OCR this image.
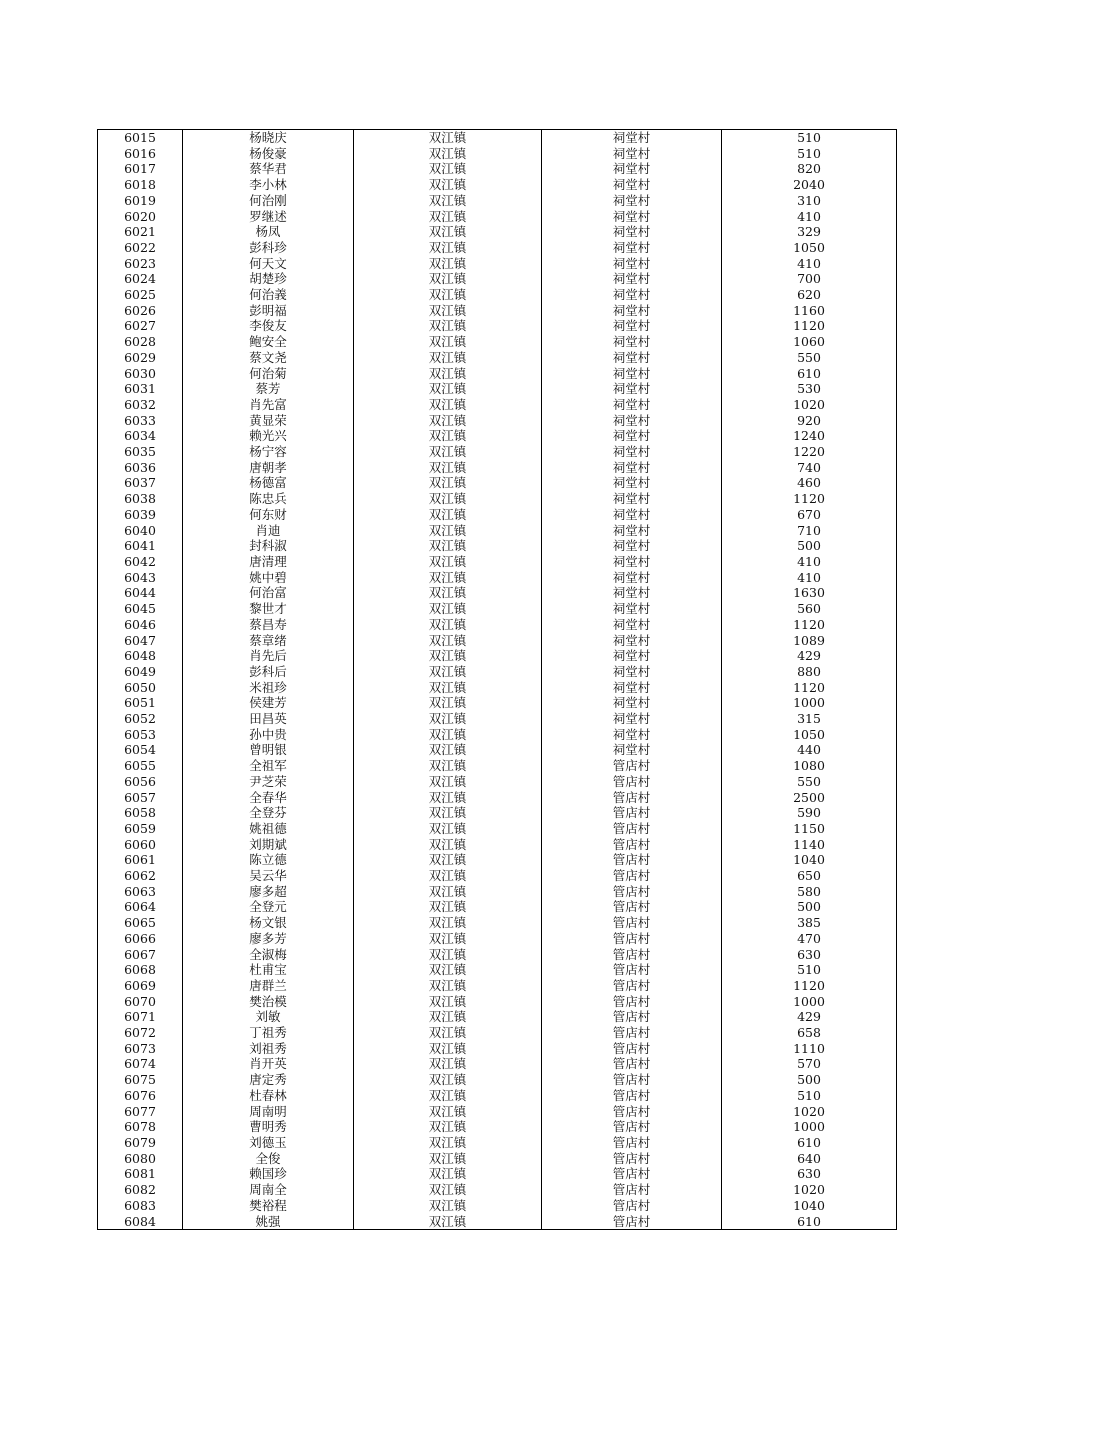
6015	杨晓庆	双江镇	祠堂村	510
6016	杨俊豪	双江镇	祠堂村	510
6017	蔡华君	双江镇	祠堂村	820
6018	李小林	双江镇	祠堂村	2040
6019	何治刚	双江镇	祠堂村	310
6020	罗继述	双江镇	祠堂村	410
6021	杨凤	双江镇	祠堂村	329
6022	彭科珍	双江镇	祠堂村	1050
6023	何天文	双江镇	祠堂村	410
6024	胡楚珍	双江镇	祠堂村	700
6025	何治義	双江镇	祠堂村	620
6026	彭明福	双江镇	祠堂村	1160
6027	李俊友	双江镇	祠堂村	1120
6028	鲍安全	双江镇	祠堂村	1060
6029	蔡文尧	双江镇	祠堂村	550
6030	何治菊	双江镇	祠堂村	610
6031	蔡芳	双江镇	祠堂村	530
6032	肖先富	双江镇	祠堂村	1020
6033	黄显荣	双江镇	祠堂村	920
6034	赖光兴	双江镇	祠堂村	1240
6035	杨宁容	双江镇	祠堂村	1220
6036	唐朝孝	双江镇	祠堂村	740
6037	杨德富	双江镇	祠堂村	460
6038	陈忠兵	双江镇	祠堂村	1120
6039	何东财	双江镇	祠堂村	670
6040	肖迪	双江镇	祠堂村	710
6041	封科淑	双江镇	祠堂村	500
6042	唐清理	双江镇	祠堂村	410
6043	姚中碧	双江镇	祠堂村	410
6044	何治富	双江镇	祠堂村	1630
6045	黎世才	双江镇	祠堂村	560
6046	蔡昌寿	双江镇	祠堂村	1120
6047	蔡章绪	双江镇	祠堂村	1089
6048	肖先后	双江镇	祠堂村	429
6049	彭科后	双江镇	祠堂村	880
6050	米祖珍	双江镇	祠堂村	1120
6051	侯建芳	双江镇	祠堂村	1000
6052	田昌英	双江镇	祠堂村	315
6053	孙中贵	双江镇	祠堂村	1050
6054	曾明银	双江镇	祠堂村	440
6055	全祖军	双江镇	管店村	1080
6056	尹芝荣	双江镇	管店村	550
6057	全春华	双江镇	管店村	2500
6058	全登芬	双江镇	管店村	590
6059	姚祖德	双江镇	管店村	1150
6060	刘期斌	双江镇	管店村	1140
6061	陈立德	双江镇	管店村	1040
6062	吴云华	双江镇	管店村	650
6063	廖多超	双江镇	管店村	580
6064	全登元	双江镇	管店村	500
6065	杨文银	双江镇	管店村	385
6066	廖多芳	双江镇	管店村	470
6067	全淑梅	双江镇	管店村	630
6068	杜甫宝	双江镇	管店村	510
6069	唐群兰	双江镇	管店村	1120
6070	樊治模	双江镇	管店村	1000
6071	刘敏	双江镇	管店村	429
6072	丁祖秀	双江镇	管店村	658
6073	刘祖秀	双江镇	管店村	1110
6074	肖开英	双江镇	管店村	570
6075	唐定秀	双江镇	管店村	500
6076	杜春林	双江镇	管店村	510
6077	周南明	双江镇	管店村	1020
6078	曹明秀	双江镇	管店村	1000
6079	刘德玉	双江镇	管店村	610
6080	全俊	双江镇	管店村	640
6081	赖国珍	双江镇	管店村	630
6082	周南全	双江镇	管店村	1020
6083	樊裕程	双江镇	管店村	1040
6084	姚强	双江镇	管店村	610
